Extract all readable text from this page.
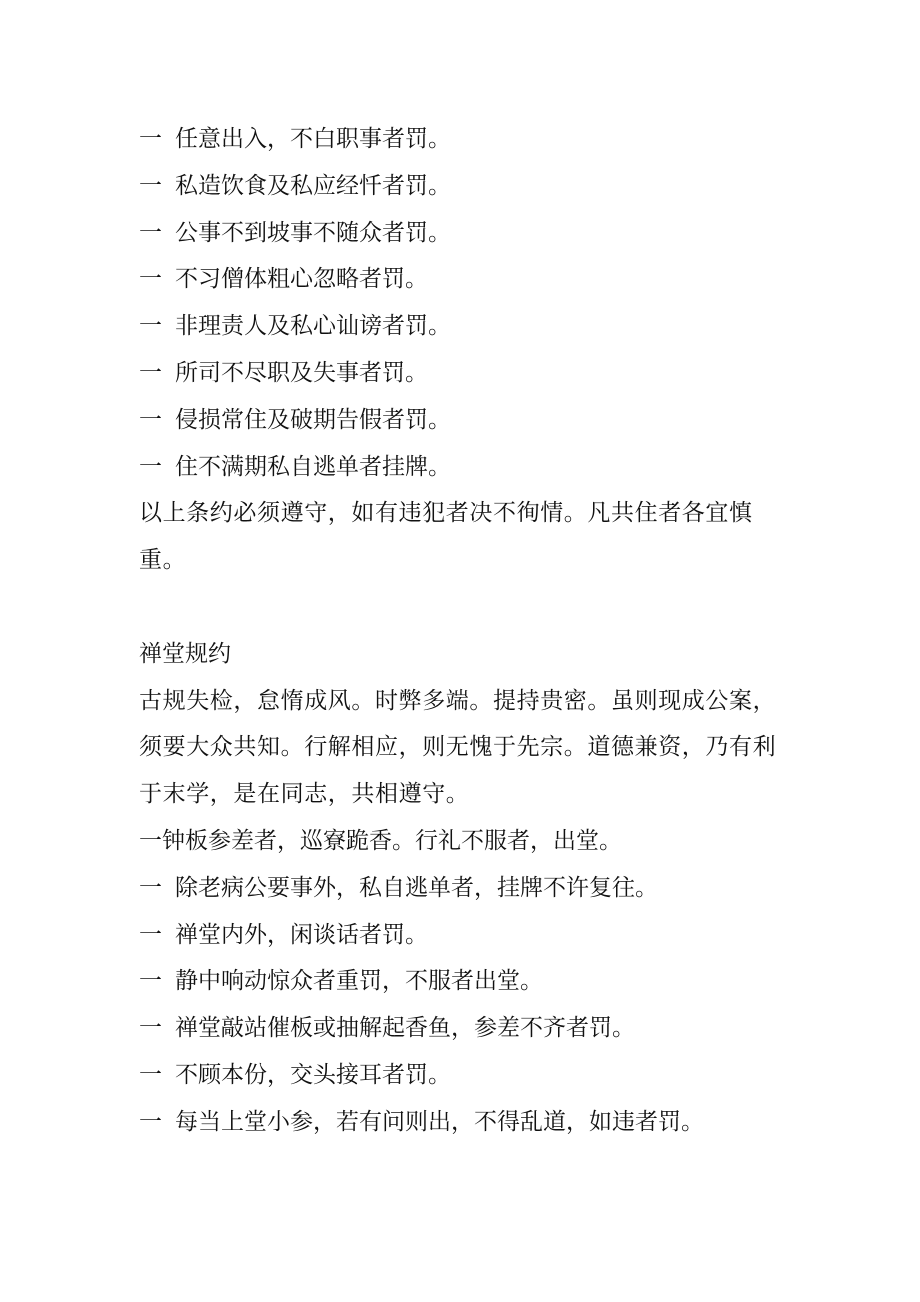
一 任意出入，不白职事者罚。

一 私造饮食及私应经忏者罚。

一 公事不到坡事不随众者罚。

一 不习僧体粗心忽略者罚。

一 非理责人及私心讪谤者罚。

一 所司不尽职及失事者罚。

一 侵损常住及破期告假者罚。

一 住不满期私自逃单者挂牌。

以上条约必须遵守，如有违犯者决不徇情。凡共住者各宜慎重。

禅堂规约

古规失检，怠惰成风。时弊多端。提持贵密。虽则现成公案，须要大众共知。行解相应，则无愧于先宗。道德兼资，乃有利于末学，是在同志，共相遵守。

一钟板参差者，巡寮跪香。行礼不服者，出堂。

一 除老病公要事外，私自逃单者，挂牌不许复往。

一 禅堂内外，闲谈话者罚。

一 静中响动惊众者重罚，不服者出堂。

一 禅堂敲站催板或抽解起香鱼，参差不齐者罚。

一 不顾本份，交头接耳者罚。

一 每当上堂小参，若有问则出，不得乱道，如违者罚。
